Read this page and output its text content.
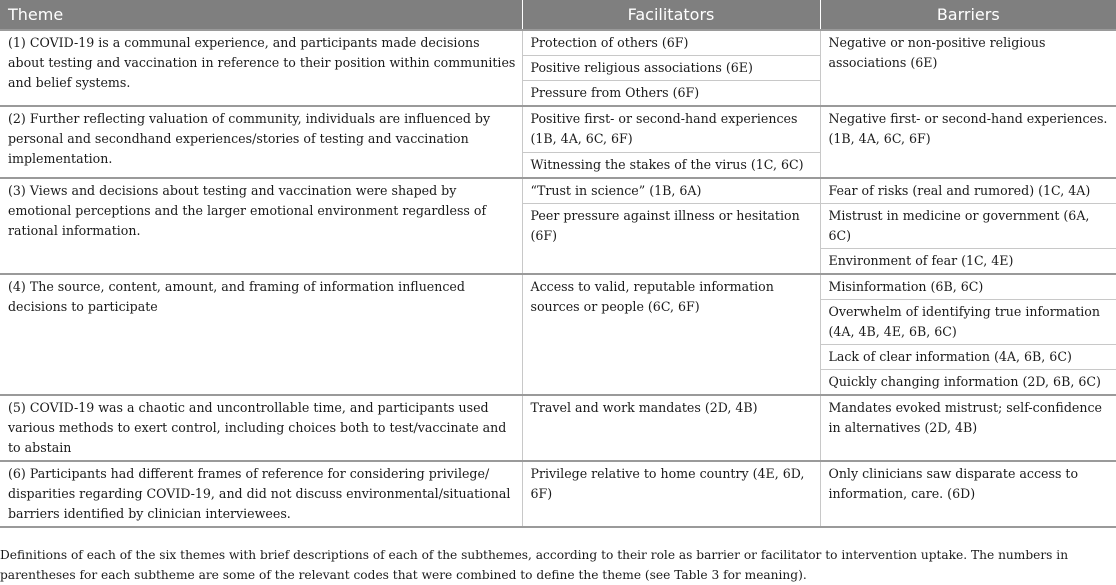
Theme	Facilitators	Barriers
(1) COVID-19 is a communal experience, and participants made decisions about testing and vaccination in reference to their position within communities and belief systems.	Protection of others (6F)	Negative or non-positive religious associations (6E)
	Positive religious associations (6E)	
	Pressure from Others (6F)	
(2) Further reflecting valuation of community, individuals are influenced by personal and secondhand experiences/stories of testing and vaccination implementation.	Positive first- or second-hand experiences (1B, 4A, 6C, 6F)	Negative first- or second-hand experiences. (1B, 4A, 6C, 6F)
	Witnessing the stakes of the virus (1C, 6C)	
(3) Views and decisions about testing and vaccination were shaped by emotional perceptions and the larger emotional environment regardless of rational information.	“Trust in science” (1B, 6A)	Fear of risks (real and rumored) (1C, 4A)
	Peer pressure against illness or hesitation (6F)	Mistrust in medicine or government (6A, 6C)
		Environment of fear (1C, 4E)
(4) The source, content, amount, and framing of information influenced decisions to participate	Access to valid, reputable information sources or people (6C, 6F)	Misinformation (6B, 6C)
		Overwhelm of identifying true information (4A, 4B, 4E, 6B, 6C)
		Lack of clear information (4A, 6B, 6C)
		Quickly changing information (2D, 6B, 6C)
(5) COVID-19 was a chaotic and uncontrollable time, and participants used various methods to exert control, including choices both to test/vaccinate and to abstain	Travel and work mandates (2D, 4B)	Mandates evoked mistrust; self-confidence in alternatives (2D, 4B)
(6) Participants had different frames of reference for considering privilege/ disparities regarding COVID-19, and did not discuss environmental/situational barriers identified by clinician interviewees.	Privilege relative to home country (4E, 6D, 6F)	Only clinicians saw disparate access to information, care. (6D)
Definitions of each of the six themes with brief descriptions of each of the subthemes, according to their role as barrier or facilitator to intervention uptake. The numbers in parentheses for each subtheme are some of the relevant codes that were combined to define the theme (see Table 3 for meaning).
